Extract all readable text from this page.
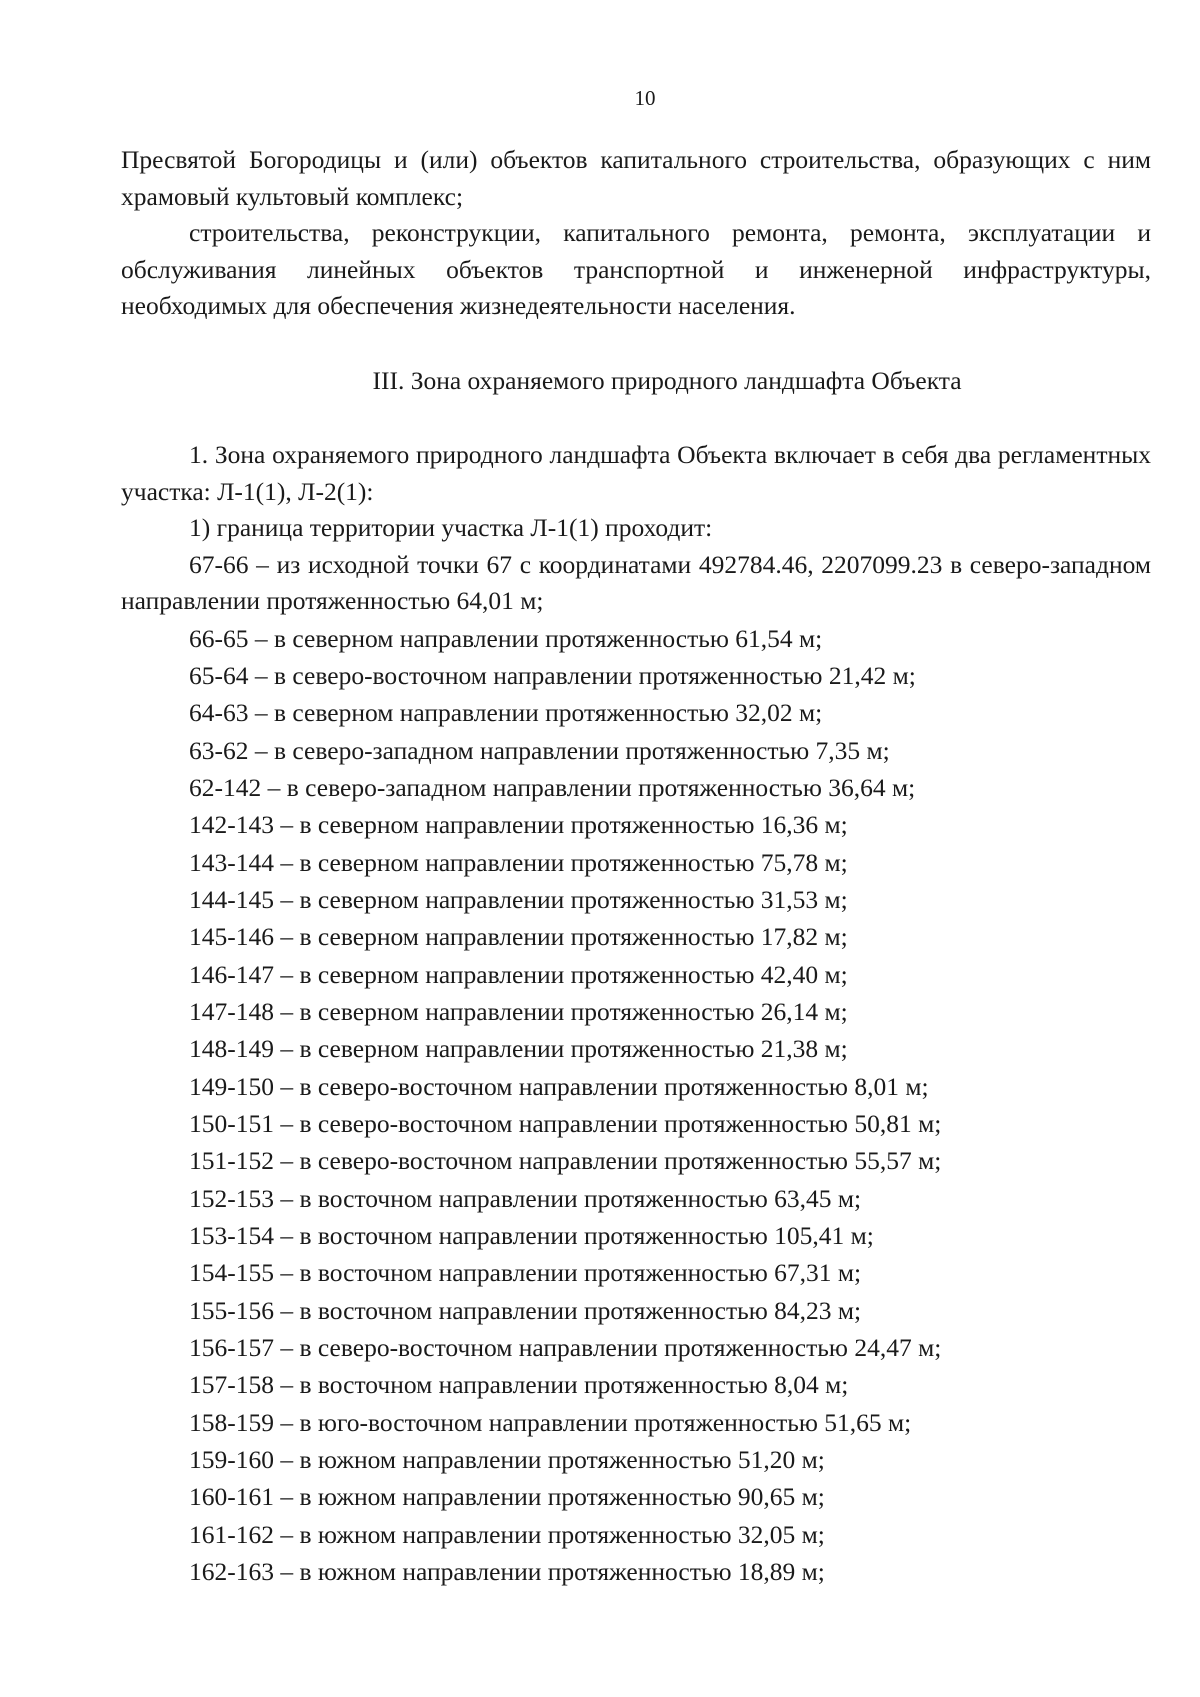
10

Пресвятой Богородицы и (или) объектов капитального строительства, образующих с ним храмовый культовый комплекс;

строительства, реконструкции, капитального ремонта, ремонта, эксплуатации и обслуживания линейных объектов транспортной и инженерной инфраструктуры, необходимых для обеспечения жизнедеятельности населения.

III. Зона охраняемого природного ландшафта Объекта

1. Зона охраняемого природного ландшафта Объекта включает в себя два регламентных участка: Л-1(1), Л-2(1):

1) граница территории участка Л-1(1) проходит:

67-66 – из исходной точки 67 с координатами 492784.46, 2207099.23 в северо-западном направлении протяженностью 64,01 м;

66-65 – в северном направлении протяженностью 61,54 м;
65-64 – в северо-восточном направлении протяженностью 21,42 м;
64-63 – в северном направлении протяженностью 32,02 м;
63-62 – в северо-западном направлении протяженностью 7,35 м;
62-142 – в северо-западном направлении протяженностью 36,64 м;
142-143 – в северном направлении протяженностью 16,36 м;
143-144 – в северном направлении протяженностью 75,78 м;
144-145 – в северном направлении протяженностью 31,53 м;
145-146 – в северном направлении протяженностью 17,82 м;
146-147 – в северном направлении протяженностью 42,40 м;
147-148 – в северном направлении протяженностью 26,14 м;
148-149 – в северном направлении протяженностью 21,38 м;
149-150 – в северо-восточном направлении протяженностью 8,01 м;
150-151 – в северо-восточном направлении протяженностью 50,81 м;
151-152 – в северо-восточном направлении протяженностью 55,57 м;
152-153 – в восточном направлении протяженностью 63,45 м;
153-154 – в восточном направлении протяженностью 105,41 м;
154-155 – в восточном направлении протяженностью 67,31 м;
155-156 – в восточном направлении протяженностью 84,23 м;
156-157 – в северо-восточном направлении протяженностью 24,47 м;
157-158 – в восточном направлении протяженностью 8,04 м;
158-159 – в юго-восточном направлении протяженностью 51,65 м;
159-160 – в южном направлении протяженностью 51,20 м;
160-161 – в южном направлении протяженностью 90,65 м;
161-162 – в южном направлении протяженностью 32,05 м;
162-163 – в южном направлении протяженностью 18,89 м;
